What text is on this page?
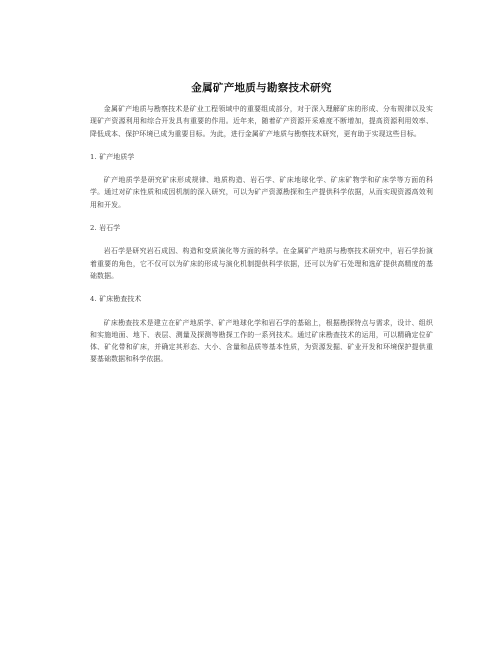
金属矿产地质与勘察技术研究

金属矿产地质与勘察技术是矿业工程领域中的重要组成部分，对于深入理解矿床的形成、分布规律以及实现矿产资源利用和综合开发具有重要的作用。近年来，随着矿产资源开采难度不断增加，提高资源利用效率、降低成本、保护环境已成为重要目标。为此，进行金属矿产地质与勘察技术研究，更有助于实现这些目标。

1. 矿产地质学

矿产地质学是研究矿床形成规律、地质构造、岩石学、矿床地球化学、矿床矿物学和矿床学等方面的科学。通过对矿床性质和成因机制的深入研究，可以为矿产资源勘探和生产提供科学依据，从而实现资源高效利用和开发。

2. 岩石学

岩石学是研究岩石成因、构造和变质演化等方面的科学。在金属矿产地质与勘察技术研究中，岩石学扮演着重要的角色，它不仅可以为矿床的形成与演化机制提供科学依据，还可以为矿石处理和选矿提供高精度的基础数据。

4. 矿床勘查技术

矿床勘查技术是建立在矿产地质学、矿产地球化学和岩石学的基础上，根据勘探特点与需求，设计、组织和实施地面、地下、表层、测量及探测等勘探工作的一系列技术。通过矿床勘查技术的运用，可以精确定位矿体、矿化带和矿床，并确定其形态、大小、含量和品质等基本性质，为资源发掘、矿业开发和环境保护提供重要基础数据和科学依据。
